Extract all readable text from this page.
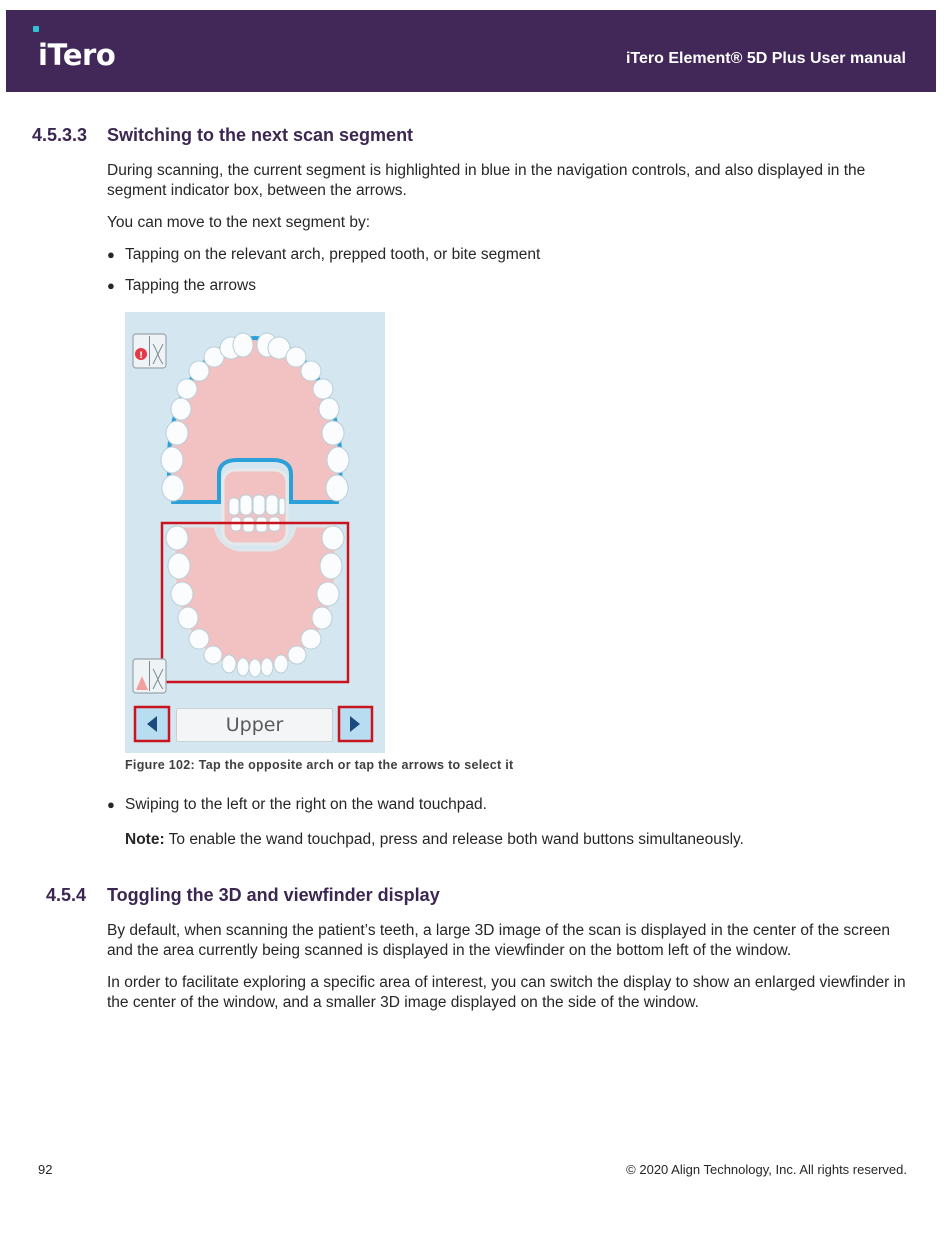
iTero	iTero Element® 5D Plus User manual
4.5.3.3 Switching to the next scan segment
During scanning, the current segment is highlighted in blue in the navigation controls, and also displayed in the segment indicator box, between the arrows.
You can move to the next segment by:
● Tapping on the relevant arch, prepped tooth, or bite segment
● Tapping the arrows
!
Upper
Figure 102: Tap the opposite arch or tap the arrows to select it
● Swiping to the left or the right on the wand touchpad.
Note: To enable the wand touchpad, press and release both wand buttons simultaneously.
4.5.4 Toggling the 3D and viewfinder display
By default, when scanning the patient’s teeth, a large 3D image of the scan is displayed in the center of the screen and the area currently being scanned is displayed in the viewfinder on the bottom left of the window.
In order to facilitate exploring a specific area of interest, you can switch the display to show an enlarged viewfinder in the center of the window, and a smaller 3D image displayed on the side of the window.
92	© 2020 Align Technology, Inc. All rights reserved.
